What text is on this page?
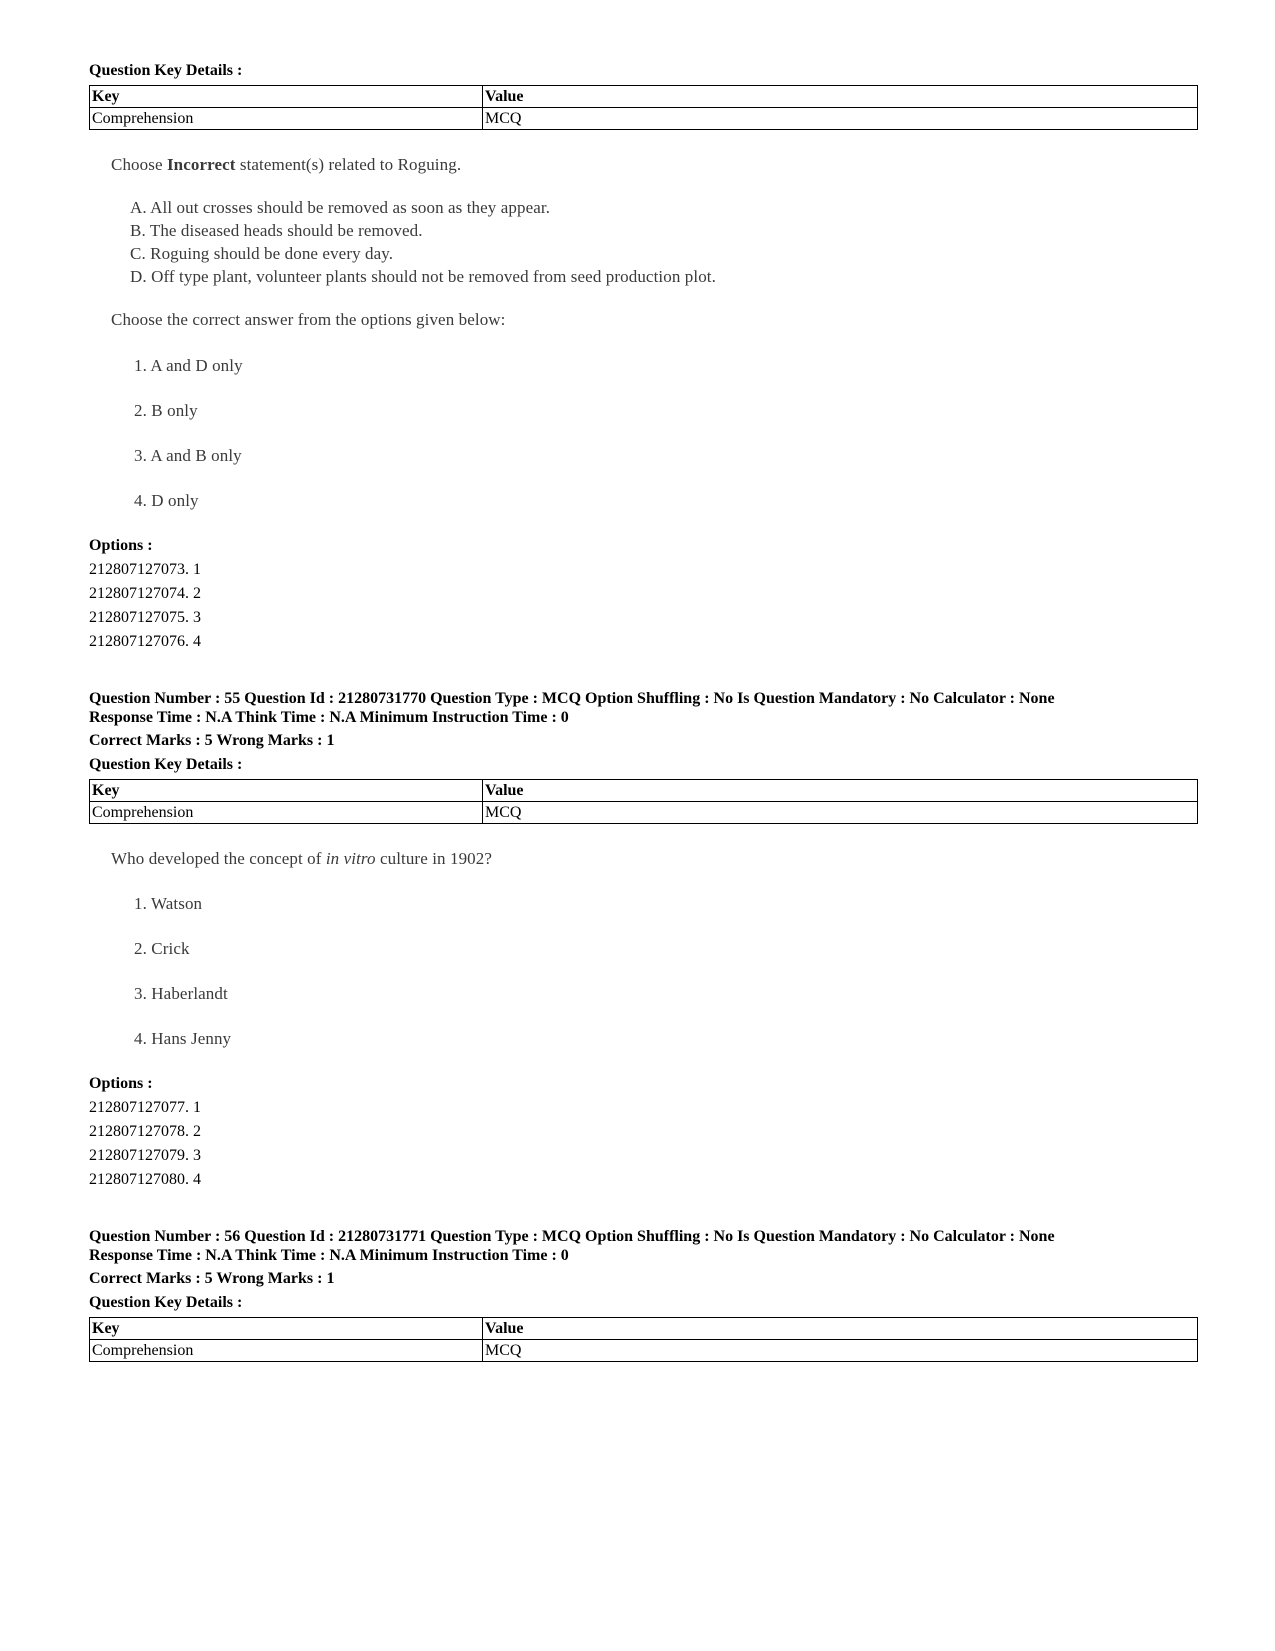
Question Key Details :
Key	Value
Comprehension	MCQ
Choose Incorrect statement(s) related to Roguing.
A. All out crosses should be removed as soon as they appear.
B. The diseased heads should be removed.
C. Roguing should be done every day.
D. Off type plant, volunteer plants should not be removed from seed production plot.
Choose the correct answer from the options given below:
1. A and D only
2. B only
3. A and B only
4. D only
Options :
212807127073. 1
212807127074. 2
212807127075. 3
212807127076. 4
Question Number : 55 Question Id : 21280731770 Question Type : MCQ Option Shuffling : No Is Question Mandatory : No Calculator : None
Response Time : N.A Think Time : N.A Minimum Instruction Time : 0
Correct Marks : 5 Wrong Marks : 1
Question Key Details :
Key	Value
Comprehension	MCQ
Who developed the concept of in vitro culture in 1902?
1. Watson
2. Crick
3. Haberlandt
4. Hans Jenny
Options :
212807127077. 1
212807127078. 2
212807127079. 3
212807127080. 4
Question Number : 56 Question Id : 21280731771 Question Type : MCQ Option Shuffling : No Is Question Mandatory : No Calculator : None
Response Time : N.A Think Time : N.A Minimum Instruction Time : 0
Correct Marks : 5 Wrong Marks : 1
Question Key Details :
Key	Value
Comprehension	MCQ
